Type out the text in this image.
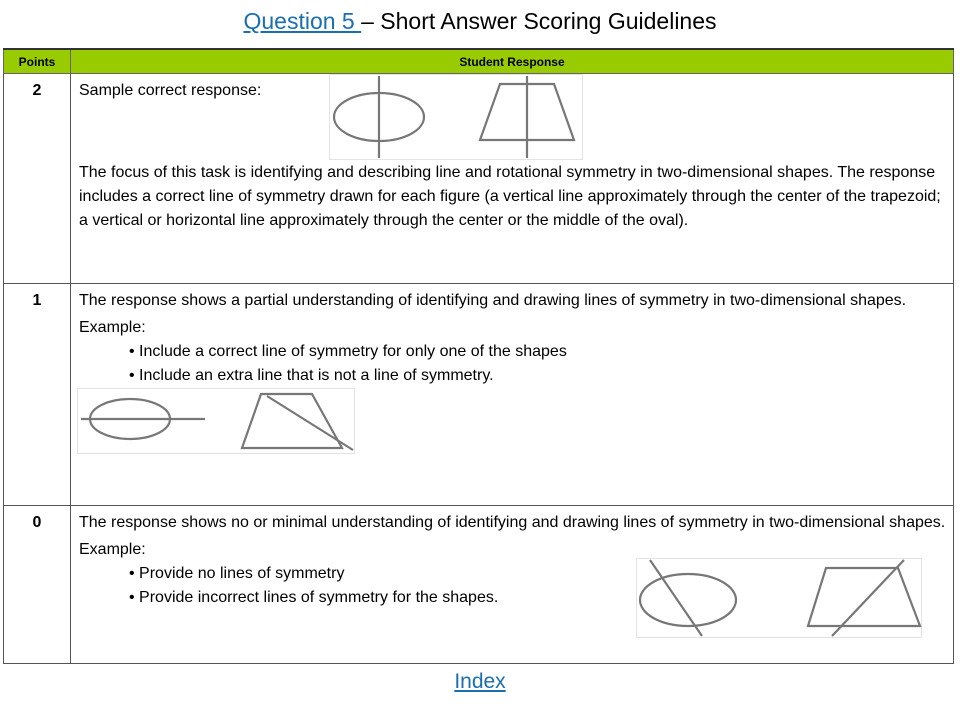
Question 5 – Short Answer Scoring Guidelines
Points	Student Response
2	Sample correct response:

The focus of this task is identifying and describing line and rotational symmetry in two-dimensional shapes. The response includes a correct line of symmetry drawn for each figure (a vertical line approximately through the center of the trapezoid; a vertical or horizontal line approximately through the center or the middle of the oval).

1	The response shows a partial understanding of identifying and drawing lines of symmetry in two-dimensional shapes.

Example:

• Include a correct line of symmetry for only one of the shapes

• Include an extra line that is not a line of symmetry.

0	The response shows no or minimal understanding of identifying and drawing lines of symmetry in two-dimensional shapes.

Example:

• Provide no lines of symmetry

• Provide incorrect lines of symmetry for the shapes.

Index
